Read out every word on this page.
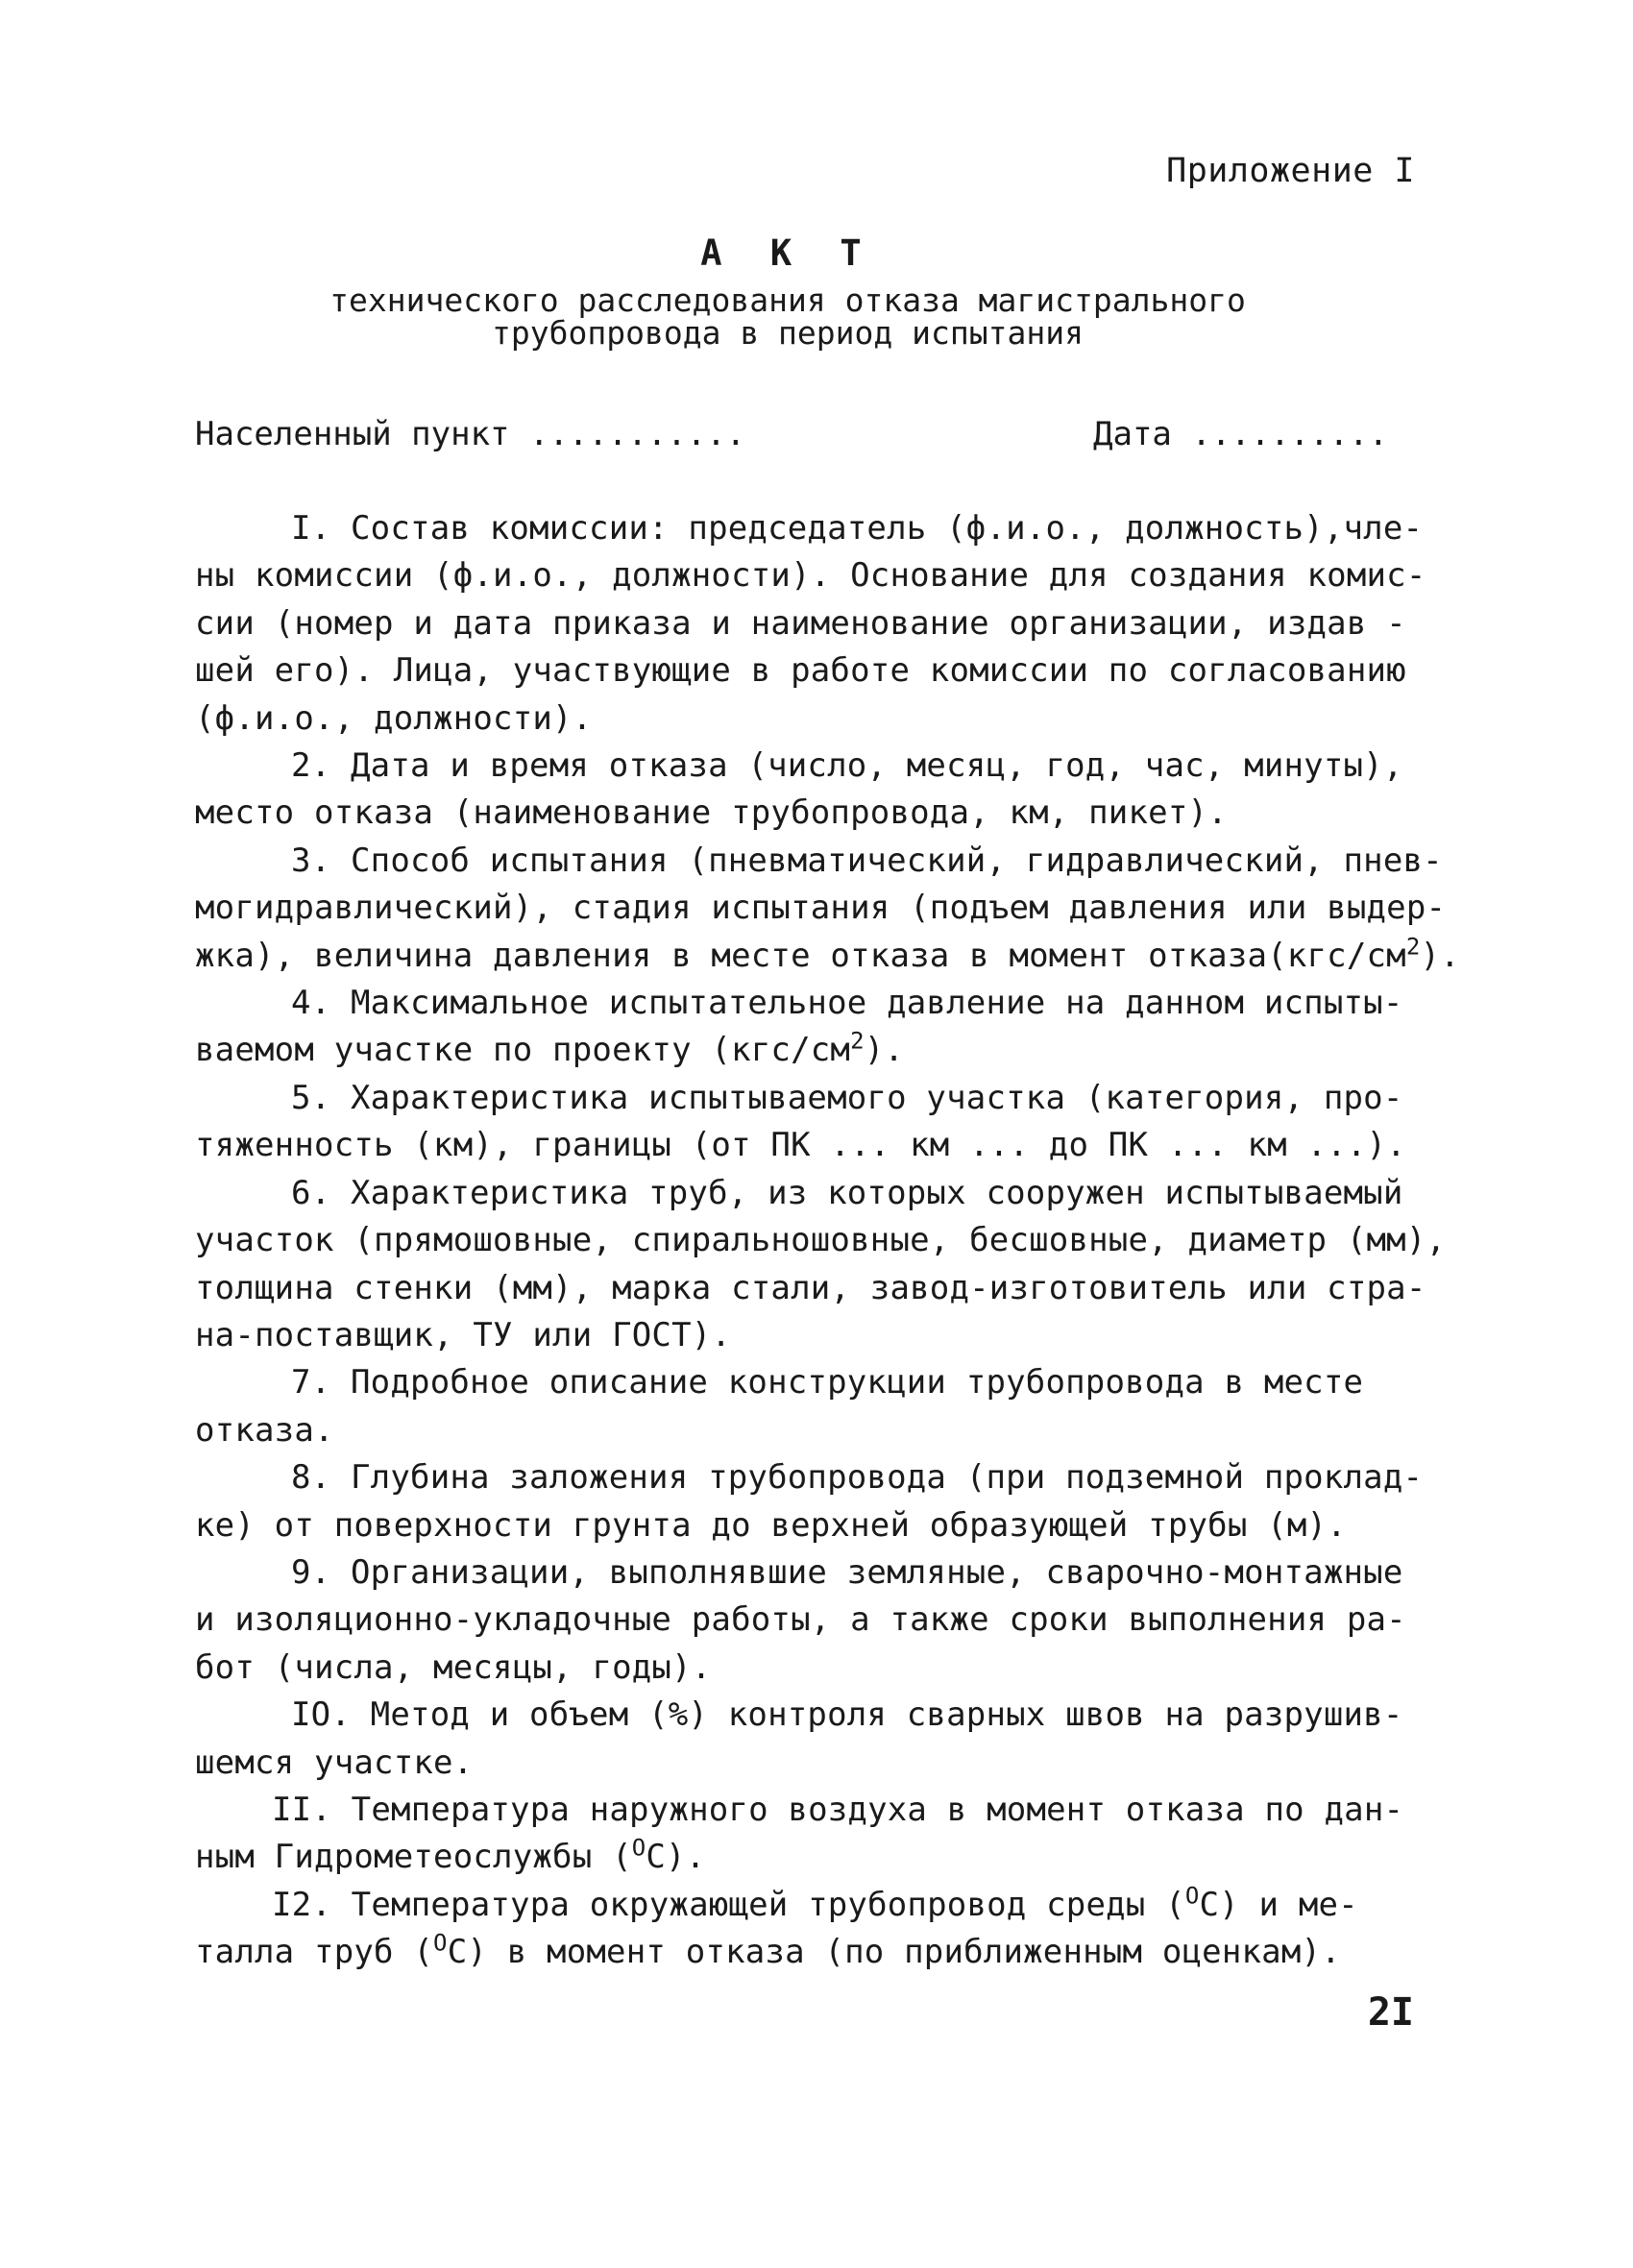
Приложение I
А К Т
технического расследования отказа магистрального
трубопровода в период испытания
Населенный пункт ...........	Дата ..........
I. Состав комиссии: председатель (ф.и.о., должность),чле-
ны комиссии (ф.и.о., должности). Основание для создания комис-
сии (номер и дата приказа и наименование организации, издав -
шей его). Лица, участвующие в работе комиссии по согласованию
(ф.и.о., должности).
2. Дата и время отказа (число, месяц, год, час, минуты),
место отказа (наименование трубопровода, км, пикет).
3. Способ испытания (пневматический, гидравлический, пнев-
могидравлический), стадия испытания (подъем давления или выдер-
жка), величина давления в месте отказа в момент $отказа(кгс/см^2)$.
4. Максимальное испытательное давление на данном испыты-
ваемом участке по проекту $(кгс/см^2)$.
5. Характеристика испытываемого участка (категория, про-
тяженность (км), границы (от ПК ... км ... до ПК ... км ...).
6. Характеристика труб, из которых сооружен испытываемый
участок (прямошовные, спиральношовные, бесшовные, диаметр (мм),
толщина стенки (мм), марка стали, завод-изготовитель или стра-
на-поставщик, ТУ или ГОСТ).
7. Подробное описание конструкции трубопровода в месте
отказа.
8. Глубина заложения трубопровода (при подземной проклад-
ке) от поверхности грунта до верхней образующей трубы (м).
9. Организации, выполнявшие земляные, сварочно-монтажные
и изоляционно-укладочные работы, а также сроки выполнения ра-
бот (числа, месяцы, годы).
IO. Метод и объем (%) контроля сварных швов на разрушив-
шемся участке.
II. Температура наружного воздуха в момент отказа по дан-
ным Гидрометеослужбы ($^O$C).
I2. Температура окружающей трубопровод среды ($^O$C) и ме-
талла труб ($^O$C) в момент отказа (по приближенным оценкам).
2I
